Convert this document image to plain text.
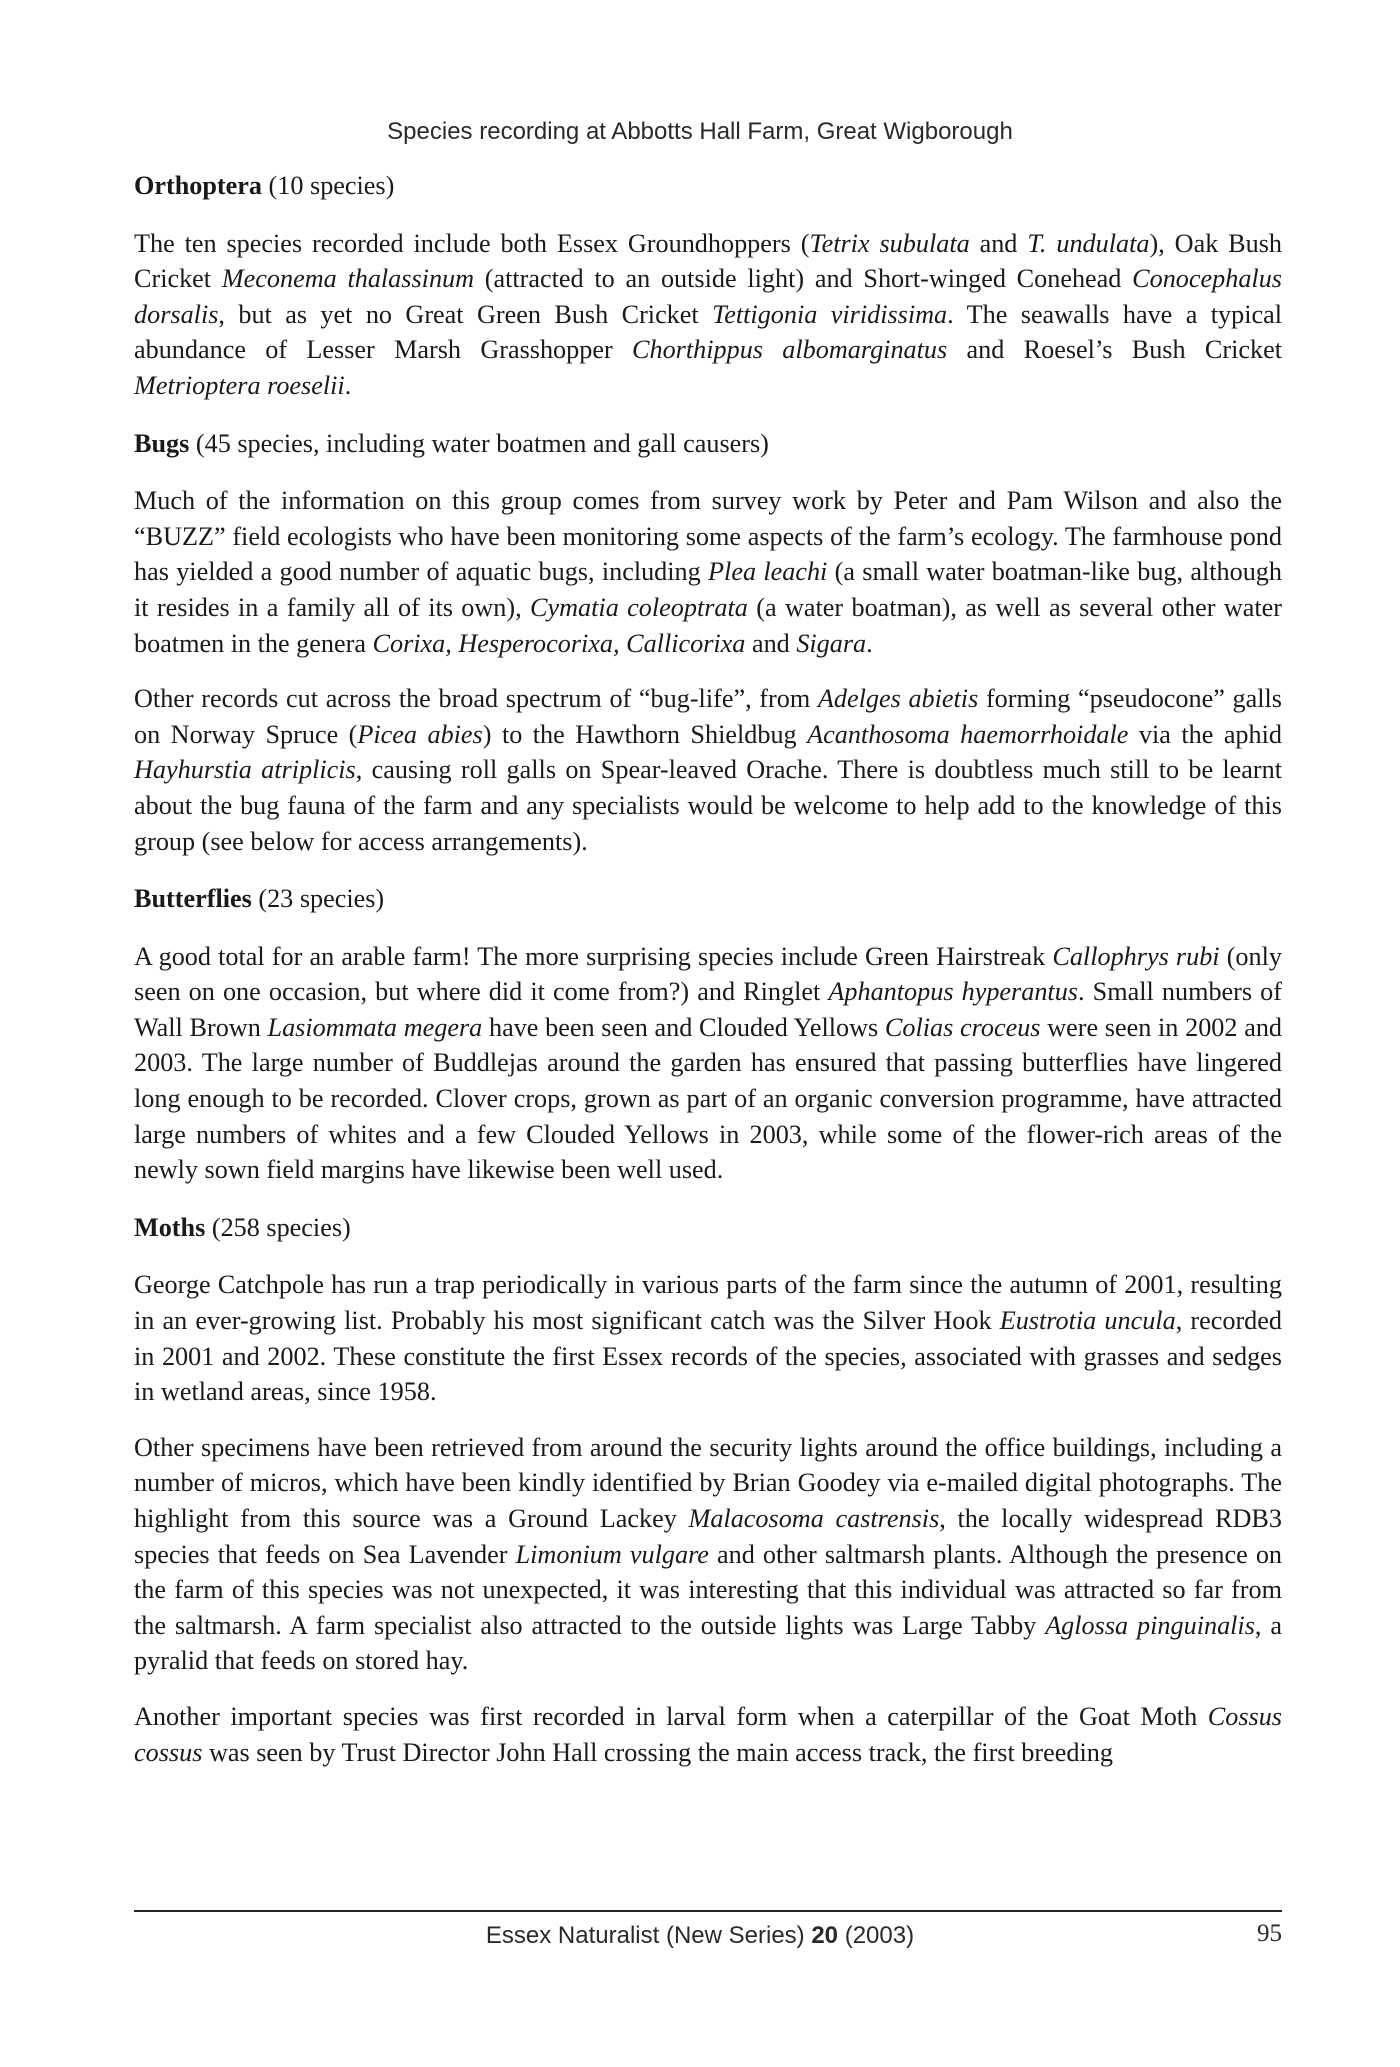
Species recording at Abbotts Hall Farm, Great Wigborough
Orthoptera (10 species)

The ten species recorded include both Essex Groundhoppers (Tetrix subulata and T. undulata), Oak Bush Cricket Meconema thalassinum (attracted to an outside light) and Short-winged Conehead Conocephalus dorsalis, but as yet no Great Green Bush Cricket Tettigonia viridissima. The seawalls have a typical abundance of Lesser Marsh Grasshopper Chorthippus albomarginatus and Roesel’s Bush Cricket Metrioptera roeselii.

Bugs (45 species, including water boatmen and gall causers)

Much of the information on this group comes from survey work by Peter and Pam Wilson and also the “BUZZ” field ecologists who have been monitoring some aspects of the farm’s ecology. The farmhouse pond has yielded a good number of aquatic bugs, including Plea leachi (a small water boatman-like bug, although it resides in a family all of its own), Cymatia coleoptrata (a water boatman), as well as several other water boatmen in the genera Corixa, Hesperocorixa, Callicorixa and Sigara.

Other records cut across the broad spectrum of “bug-life”, from Adelges abietis forming “pseudocone” galls on Norway Spruce (Picea abies) to the Hawthorn Shieldbug Acanthosoma haemorrhoidale via the aphid Hayhurstia atriplicis, causing roll galls on Spear-leaved Orache. There is doubtless much still to be learnt about the bug fauna of the farm and any specialists would be welcome to help add to the knowledge of this group (see below for access arrangements).

Butterflies (23 species)

A good total for an arable farm! The more surprising species include Green Hairstreak Callophrys rubi (only seen on one occasion, but where did it come from?) and Ringlet Aphantopus hyperantus. Small numbers of Wall Brown Lasiommata megera have been seen and Clouded Yellows Colias croceus were seen in 2002 and 2003. The large number of Buddlejas around the garden has ensured that passing butterflies have lingered long enough to be recorded. Clover crops, grown as part of an organic conversion programme, have attracted large numbers of whites and a few Clouded Yellows in 2003, while some of the flower-rich areas of the newly sown field margins have likewise been well used.

Moths (258 species)

George Catchpole has run a trap periodically in various parts of the farm since the autumn of 2001, resulting in an ever-growing list. Probably his most significant catch was the Silver Hook Eustrotia uncula, recorded in 2001 and 2002. These constitute the first Essex records of the species, associated with grasses and sedges in wetland areas, since 1958.

Other specimens have been retrieved from around the security lights around the office buildings, including a number of micros, which have been kindly identified by Brian Goodey via e-mailed digital photographs. The highlight from this source was a Ground Lackey Malacosoma castrensis, the locally widespread RDB3 species that feeds on Sea Lavender Limonium vulgare and other saltmarsh plants. Although the presence on the farm of this species was not unexpected, it was interesting that this individual was attracted so far from the saltmarsh. A farm specialist also attracted to the outside lights was Large Tabby Aglossa pinguinalis, a pyralid that feeds on stored hay.

Another important species was first recorded in larval form when a caterpillar of the Goat Moth Cossus cossus was seen by Trust Director John Hall crossing the main access track, the first breeding

Essex Naturalist (New Series) 20 (2003)	95
